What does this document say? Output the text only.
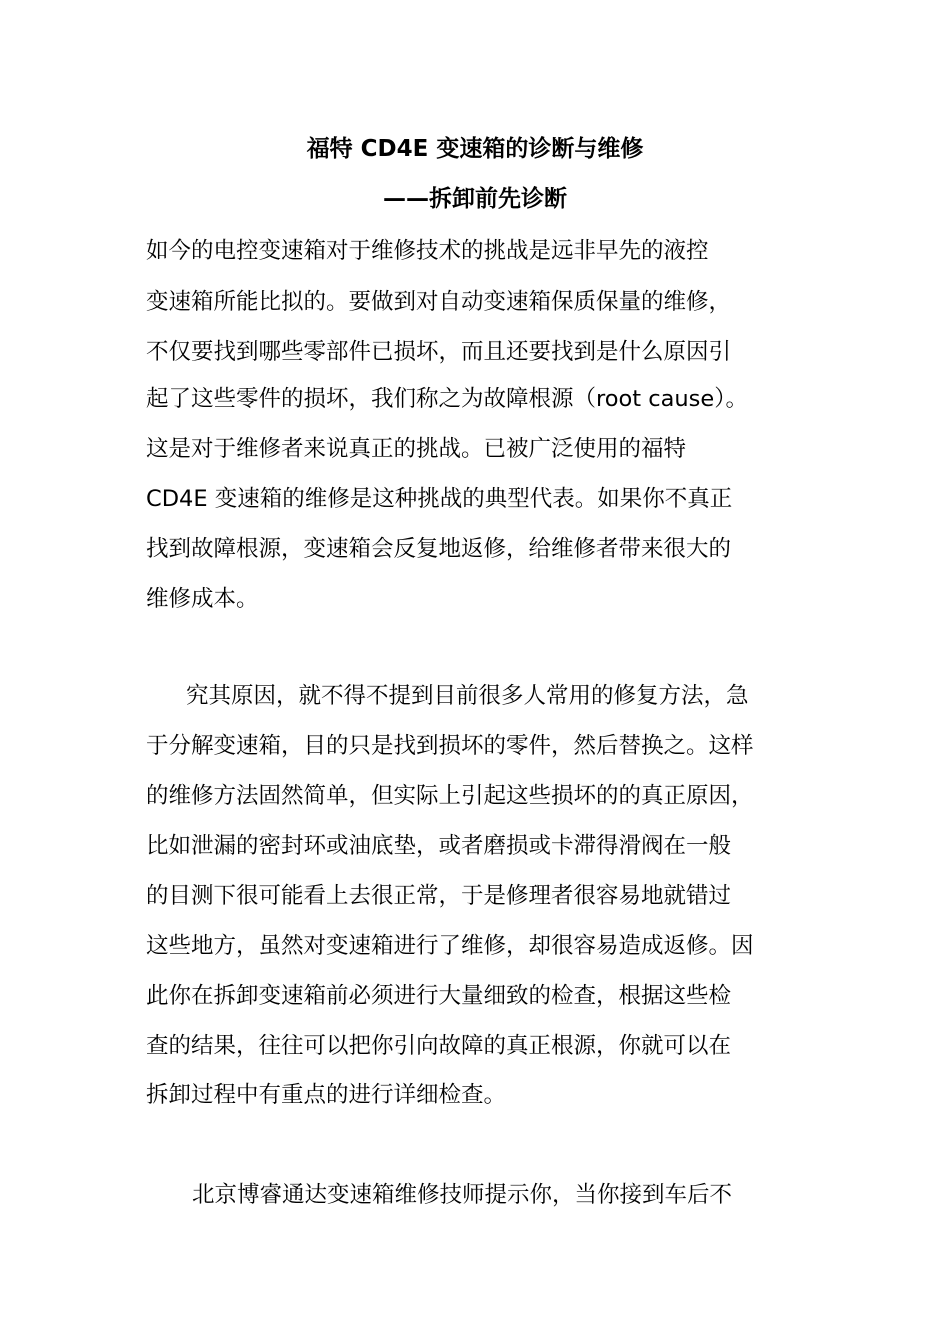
福特 CD4E 变速箱的诊断与维修
——拆卸前先诊断
如今的电控变速箱对于维修技术的挑战是远非早先的液控
变速箱所能比拟的。要做到对自动变速箱保质保量的维修，
不仅要找到哪些零部件已损坏，而且还要找到是什么原因引
起了这些零件的损坏，我们称之为故障根源（root cause）。
这是对于维修者来说真正的挑战。已被广泛使用的福特
CD4E 变速箱的维修是这种挑战的典型代表。如果你不真正
找到故障根源，变速箱会反复地返修，给维修者带来很大的
维修成本。
究其原因，就不得不提到目前很多人常用的修复方法，急
于分解变速箱，目的只是找到损坏的零件，然后替换之。这样
的维修方法固然简单，但实际上引起这些损坏的的真正原因，
比如泄漏的密封环或油底垫，或者磨损或卡滞得滑阀在一般
的目测下很可能看上去很正常，于是修理者很容易地就错过
这些地方，虽然对变速箱进行了维修，却很容易造成返修。因
此你在拆卸变速箱前必须进行大量细致的检查，根据这些检
查的结果，往往可以把你引向故障的真正根源，你就可以在
拆卸过程中有重点的进行详细检查。
北京博睿通达变速箱维修技师提示你，当你接到车后不
